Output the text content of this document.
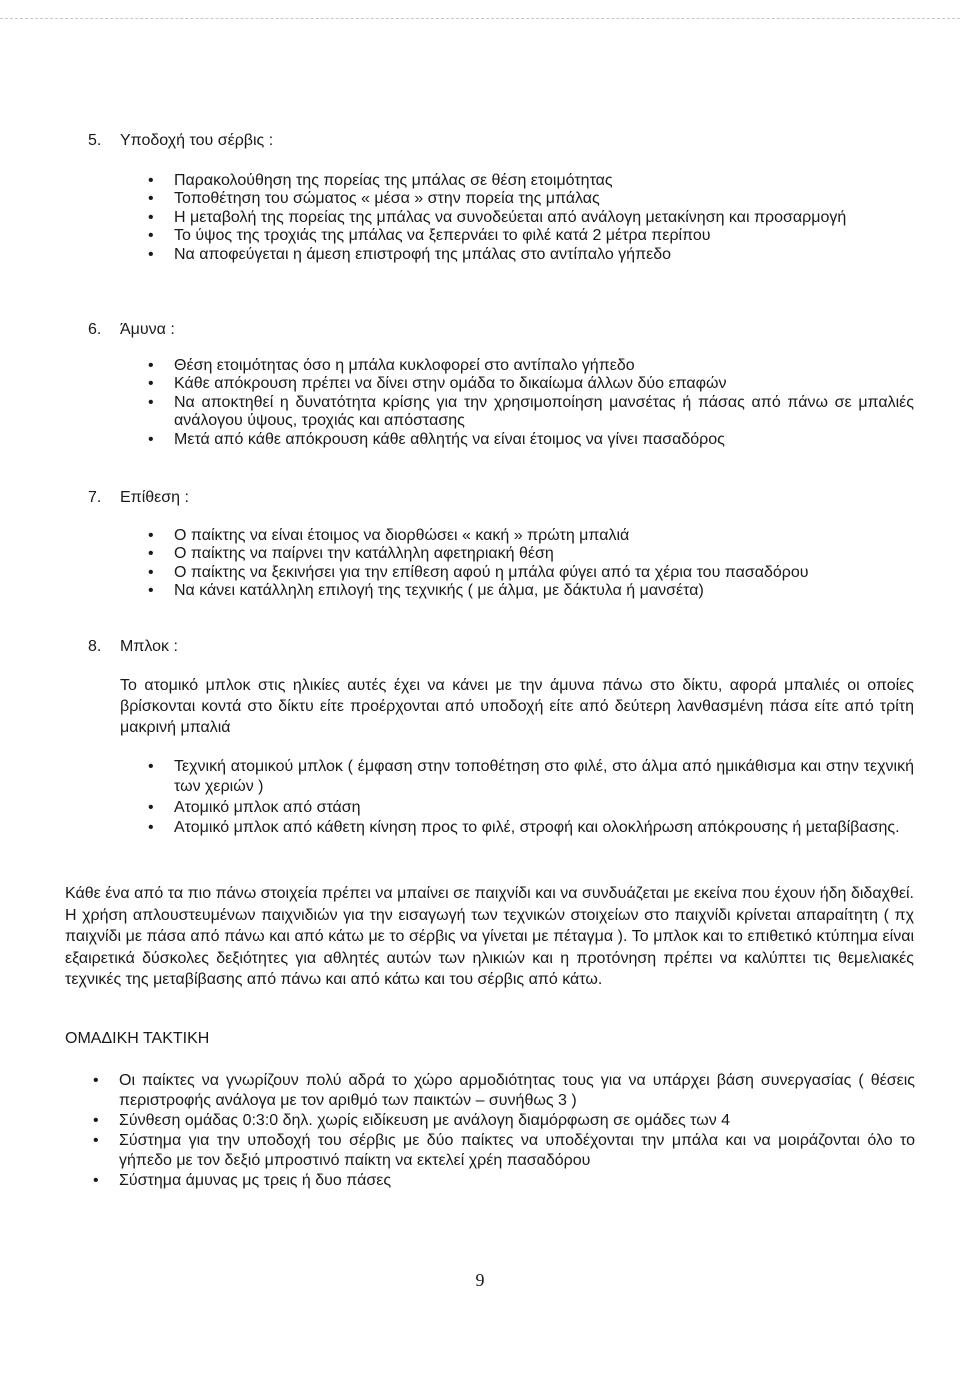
5. Υποδοχή του σέρβις :
• Παρακολούθηση της πορείας της μπάλας σε θέση ετοιμότητας
• Τοποθέτηση του σώματος « μέσα » στην πορεία της μπάλας
• Η μεταβολή της πορείας της μπάλας να συνοδεύεται από ανάλογη μετακίνηση και προσαρμογή
• Το ύψος της τροχιάς της μπάλας να ξεπερνάει το φιλέ κατά 2 μέτρα περίπου
• Να αποφεύγεται η άμεση επιστροφή της μπάλας στο αντίπαλο γήπεδο
6. Άμυνα :
• Θέση ετοιμότητας όσο η μπάλα κυκλοφορεί στο αντίπαλο γήπεδο
• Κάθε απόκρουση πρέπει να δίνει στην ομάδα το δικαίωμα άλλων δύο επαφών
• Να αποκτηθεί η δυνατότητα κρίσης για την χρησιμοποίηση μανσέτας ή πάσας από πάνω σε μπαλιές ανάλογου ύψους, τροχιάς και απόστασης
• Μετά από κάθε απόκρουση κάθε αθλητής να είναι έτοιμος να γίνει πασαδόρος
7. Επίθεση :
• Ο παίκτης να είναι έτοιμος να διορθώσει « κακή » πρώτη μπαλιά
• Ο παίκτης να παίρνει την κατάλληλη αφετηριακή θέση
• Ο παίκτης να ξεκινήσει για την επίθεση αφού η μπάλα φύγει από τα χέρια του πασαδόρου
• Να κάνει κατάλληλη επιλογή της τεχνικής ( με άλμα, με δάκτυλα ή μανσέτα)
8. Μπλοκ :

Το ατομικό μπλοκ στις ηλικίες αυτές έχει να κάνει με την άμυνα πάνω στο δίκτυ, αφορά μπαλιές οι οποίες βρίσκονται κοντά στο δίκτυ είτε προέρχονται από υποδοχή είτε από δεύτερη λανθασμένη πάσα είτε από τρίτη μακρινή μπαλιά

• Τεχνική ατομικού μπλοκ ( έμφαση στην τοποθέτηση στο φιλέ, στο άλμα από ημικάθισμα και στην τεχνική των χεριών )
• Ατομικό μπλοκ από στάση
• Ατομικό μπλοκ από κάθετη κίνηση προς το φιλέ, στροφή και ολοκλήρωση απόκρουσης ή μεταβίβασης.

Κάθε ένα από τα πιο πάνω στοιχεία πρέπει να μπαίνει σε παιχνίδι και να συνδυάζεται με εκείνα που έχουν ήδη διδαχθεί. Η χρήση απλουστευμένων παιχνιδιών για την εισαγωγή των τεχνικών στοιχείων στο παιχνίδι κρίνεται απαραίτητη ( πχ παιχνίδι με πάσα από πάνω και από κάτω με το σέρβις να γίνεται με πέταγμα ). Το μπλοκ και το επιθετικό κτύπημα είναι εξαιρετικά δύσκολες δεξιότητες για αθλητές αυτών των ηλικιών και η προτόνηση πρέπει να καλύπτει τις θεμελιακές τεχνικές της μεταβίβασης από πάνω και από κάτω και του σέρβις από κάτω.

ΟΜΑΔΙΚΗ ΤΑΚΤΙΚΗ
• Οι παίκτες να γνωρίζουν πολύ αδρά το χώρο αρμοδιότητας τους για να υπάρχει βάση συνεργασίας ( θέσεις περιστροφής ανάλογα με τον αριθμό των παικτών – συνήθως 3 )
• Σύνθεση ομάδας 0:3:0 δηλ. χωρίς ειδίκευση με ανάλογη διαμόρφωση σε ομάδες των 4
• Σύστημα για την υποδοχή του σέρβις με δύο παίκτες να υποδέχονται την μπάλα και να μοιράζονται όλο το γήπεδο με τον δεξιό μπροστινό παίκτη να εκτελεί χρέη πασαδόρου
• Σύστημα άμυνας μς τρεις ή δυο πάσες
9
